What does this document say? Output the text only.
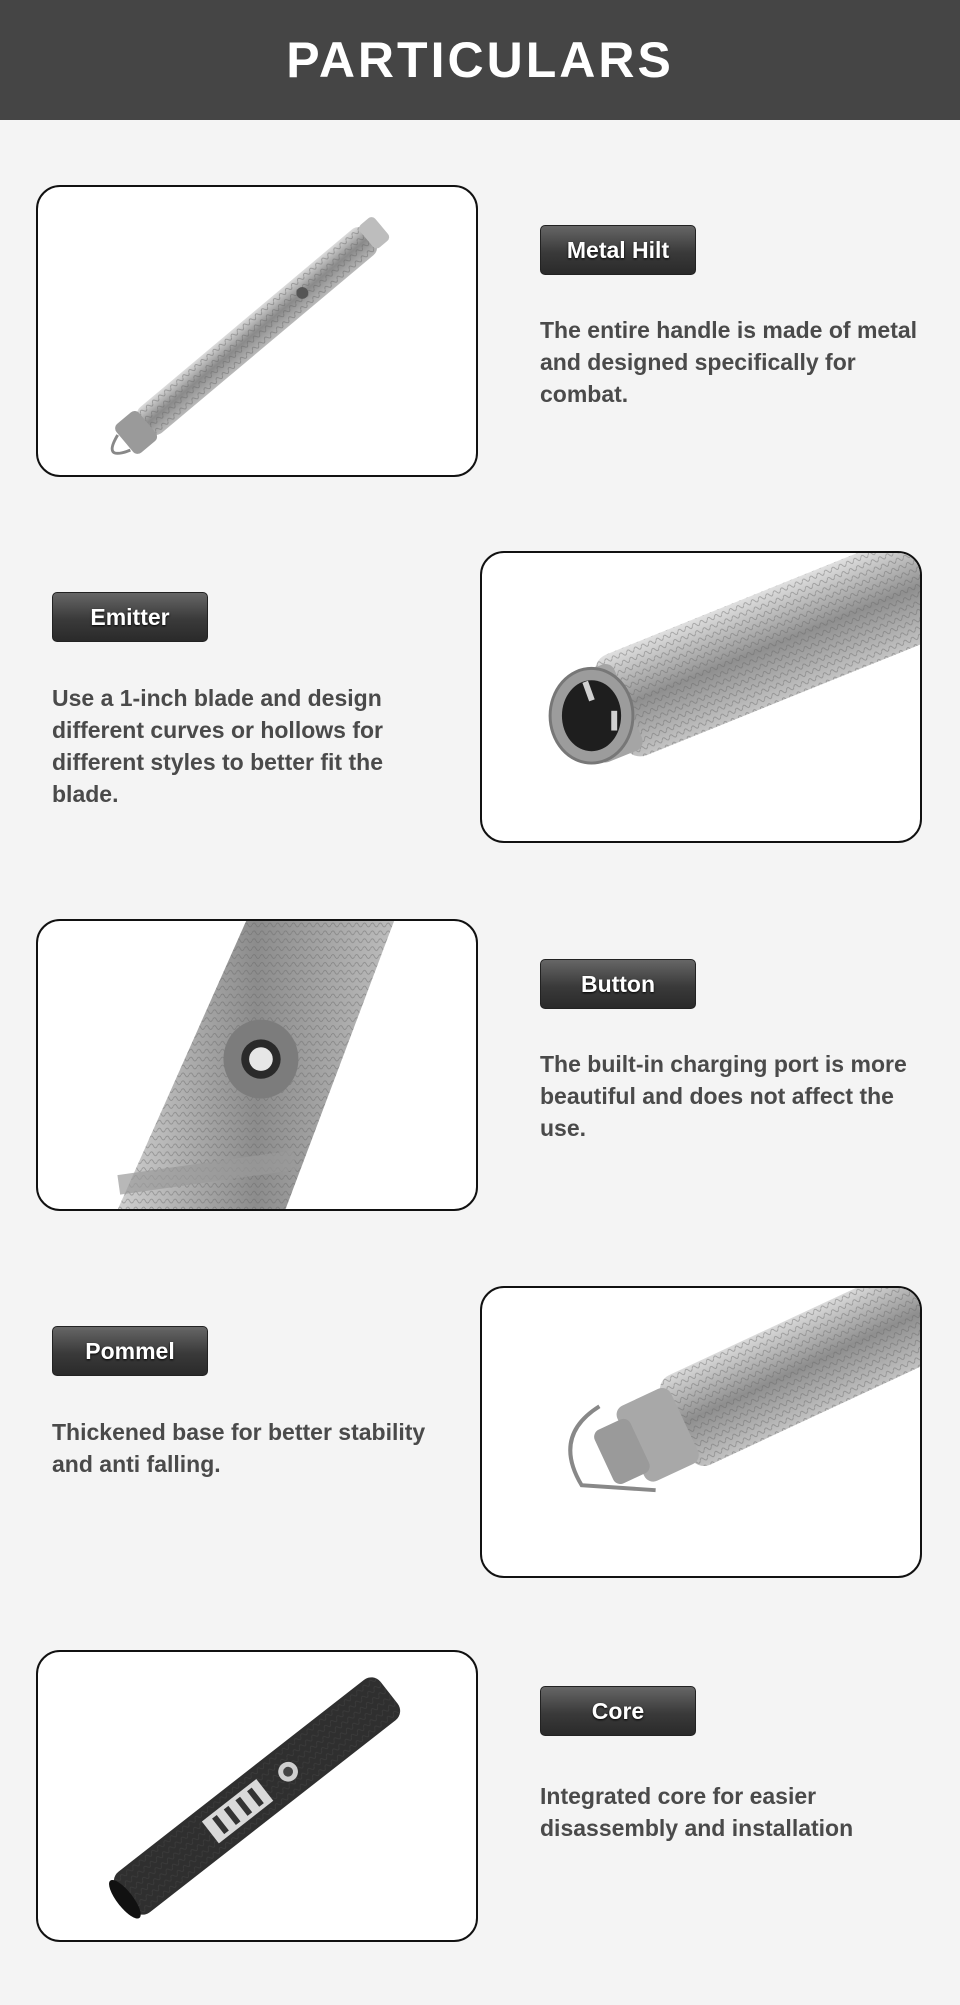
PARTICULARS
Metal Hilt

The entire handle is made of metal and designed specifically for combat.

Emitter

Use a 1-inch blade and design different curves or hollows for different styles to better fit the blade.

Button

The built-in charging port is more beautiful and does not affect the use.

Pommel

Thickened base for better stability and anti falling.

Core

Integrated core for easier disassembly and installation
